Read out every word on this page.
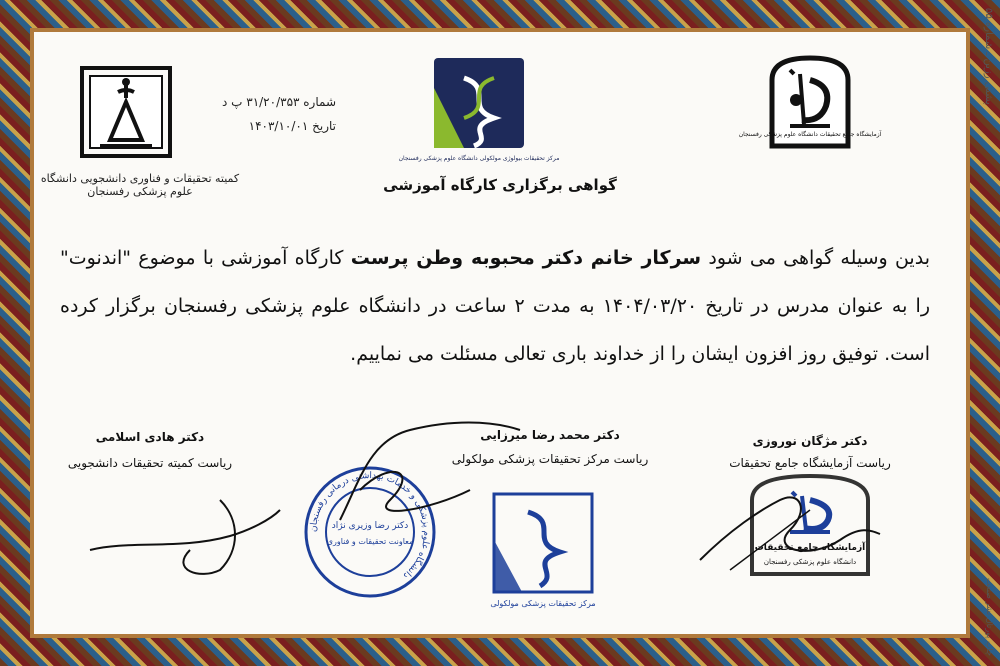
پشتی رزین ـ شماره ۵۵
چاپ پورتال نشر صنعت
کمیته تحقیقات و فناوری دانشجویی دانشگاه علوم پزشکی رفسنجان
شماره ۳۱/۲۰/۳۵۳ پ د
تاریخ ۱۴۰۳/۱۰/۰۱
مرکز تحقیقات بیولوژی مولکولی دانشگاه علوم پزشکی رفسنجان
آزمایشگاه جامع تحقیقات دانشگاه علوم پزشکی رفسنجان
گواهی برگزاری کارگاه آموزشی
بدین وسیله گواهی می شود سرکار خانم دکتر محبوبه وطن پرست کارگاه آموزشی با موضوع "اندنوت" را به عنوان مدرس در تاریخ ۱۴۰۴/۰۳/۲۰ به مدت ۲ ساعت در دانشگاه علوم پزشکی رفسنجان برگزار کرده است. توفیق روز افزون ایشان را از خداوند باری تعالی مسئلت می نماییم.
دکتر مژگان نوروزی
ریاست آزمایشگاه جامع تحقیقات
دکتر محمد رضا میرزایی
ریاست مرکز تحقیقات پزشکی مولکولی
دکتر هادی اسلامی
ریاست کمیته تحقیقات دانشجویی
آزمایشگاه جامع تحقیقات
دانشگاه علوم پزشکی رفسنجان
مرکز تحقیقات پزشکی مولکولی
دانشگاه علوم پزشکی و خدمات بهداشتی درمانی رفسنجان
دکتر رضا وزیری نژاد
معاونت تحقیقات و فناوری
